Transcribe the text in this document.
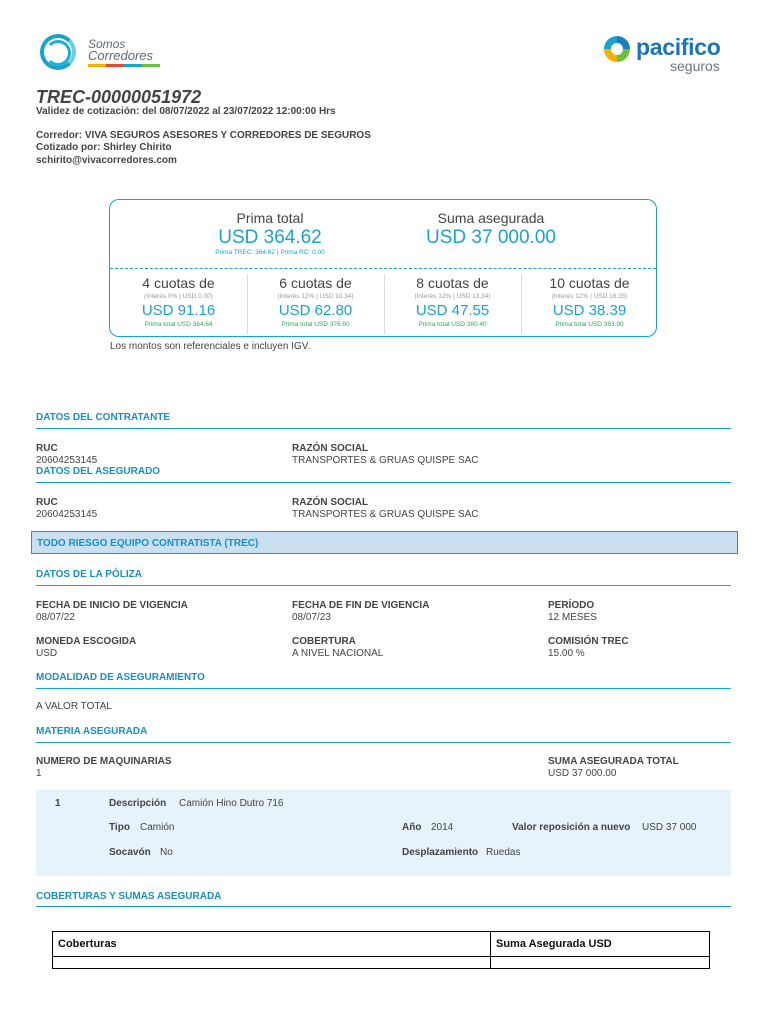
Somos
Corredores	pacifico
seguros
TREC-00000051972
Validez de cotización: del 08/07/2022 al 23/07/2022 12:00:00 Hrs
Corredor: VIVA SEGUROS ASESORES Y CORREDORES DE SEGUROS
Cotizado por: Shirley Chirito
schirito@vivacorredores.com
Prima total
USD 364.62
Prima TREC: 364.62 | Prima RC: 0.00
Suma asegurada
USD 37 000.00
4 cuotas de
(Interés 0% | USD 0.00)
USD 91.16
Prima total USD 364.64
6 cuotas de
(Interés 12% | USD 10.34)
USD 62.80
Prima total USD 376.80
8 cuotas de
(Interés 12% | USD 13.34)
USD 47.55
Prima total USD 380.40
10 cuotas de
(Interés 12% | USD 16.35)
USD 38.39
Prima total USD 383.90
Los montos son referenciales e incluyen IGV.
DATOS DEL CONTRATANTE
RUC
20604253145
RAZÓN SOCIAL
TRANSPORTES & GRUAS QUISPE SAC
DATOS DEL ASEGURADO
RUC
20604253145
RAZÓN SOCIAL
TRANSPORTES & GRUAS QUISPE SAC
TODO RIESGO EQUIPO CONTRATISTA (TREC)
DATOS DE LA PÓLIZA
FECHA DE INICIO DE VIGENCIA
08/07/22
FECHA DE FIN DE VIGENCIA
08/07/23
PERÍODO
12 MESES
MONEDA ESCOGIDA
USD
COBERTURA
A NIVEL NACIONAL
COMISIÓN TREC
15.00 %
MODALIDAD DE ASEGURAMIENTO
A VALOR TOTAL
MATERIA ASEGURADA
NUMERO DE MAQUINARIAS
1
SUMA ASEGURADA TOTAL
USD 37 000.00
1	Descripción Camión Hino Dutro 716
Tipo Camión	Año 2014	Valor reposición a nuevo USD 37 000
Socavón No	Desplazamiento Ruedas
COBERTURAS Y SUMAS ASEGURADA
Coberturas	Suma Asegurada USD
